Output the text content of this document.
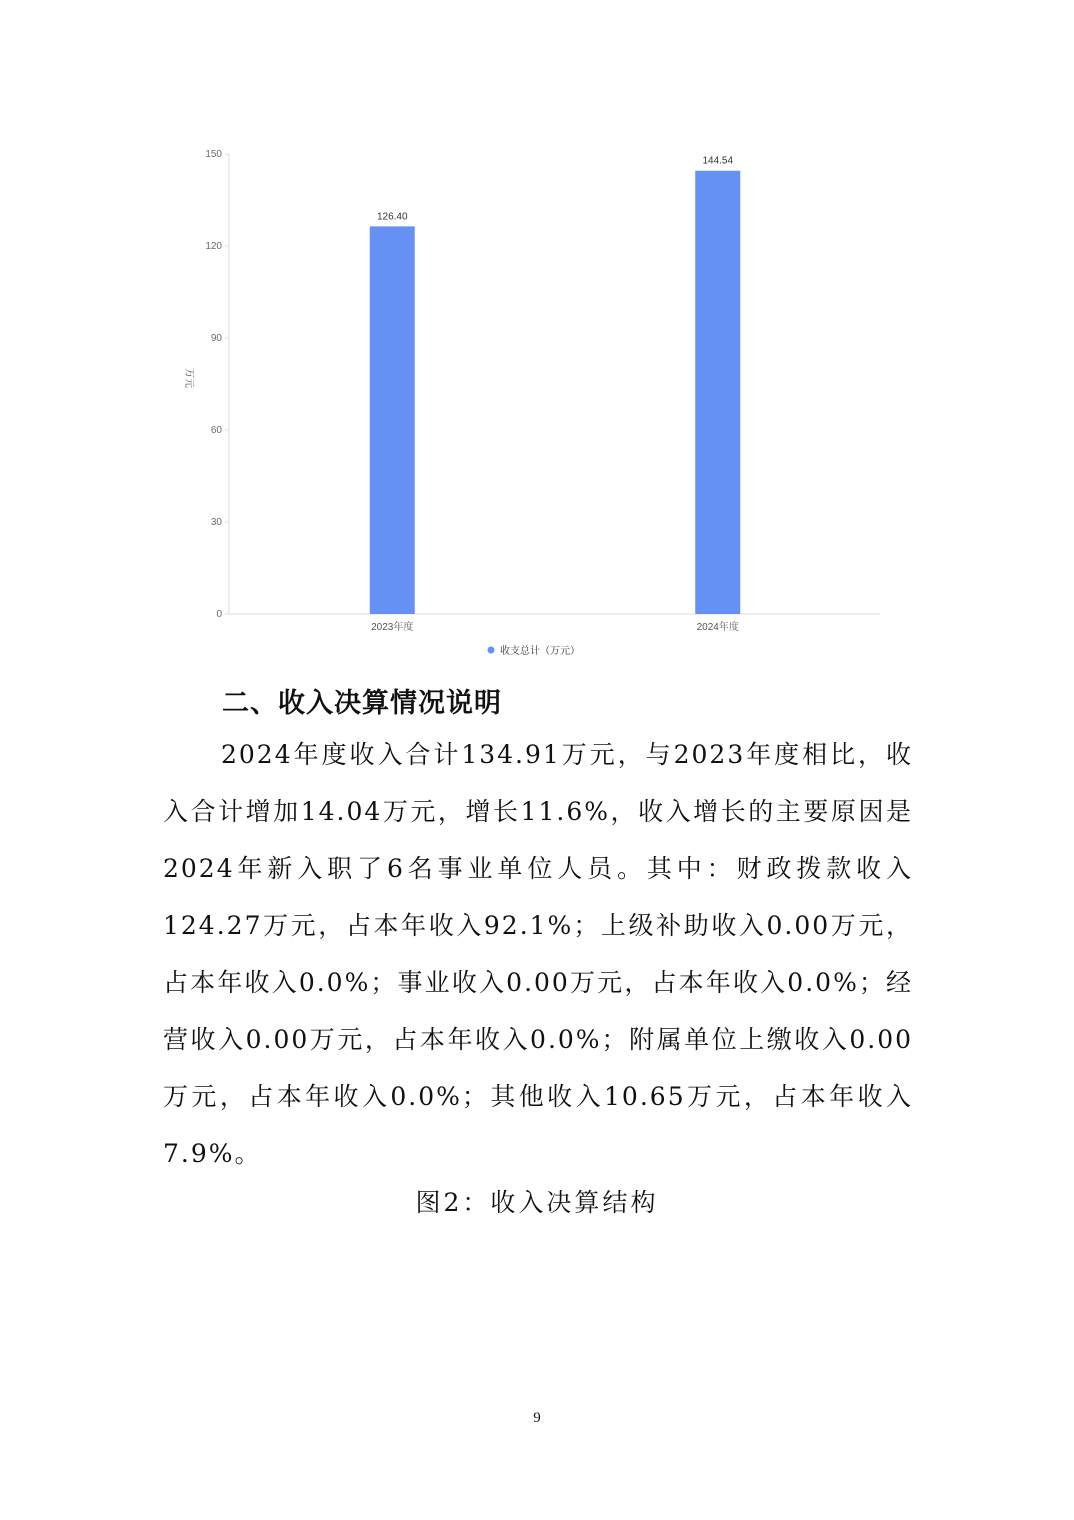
0
30
60
90
120
150
2023年度	2024年度
126.40
144.54
万元
收支总计（万元）
二、收入决算情况说明

2024年度收入合计134.91万元，与2023年度相比，收入合计增加14.04万元，增长11.6%，收入增长的主要原因是2024年新入职了6名事业单位人员。其中：财政拨款收入124.27万元，占本年收入92.1%；上级补助收入0.00万元，占本年收入0.0%；事业收入0.00万元，占本年收入0.0%；经营收入0.00万元，占本年收入0.0%；附属单位上缴收入0.00万元，占本年收入0.0%；其他收入10.65万元，占本年收入7.9%。

图2：收入决算结构
9
